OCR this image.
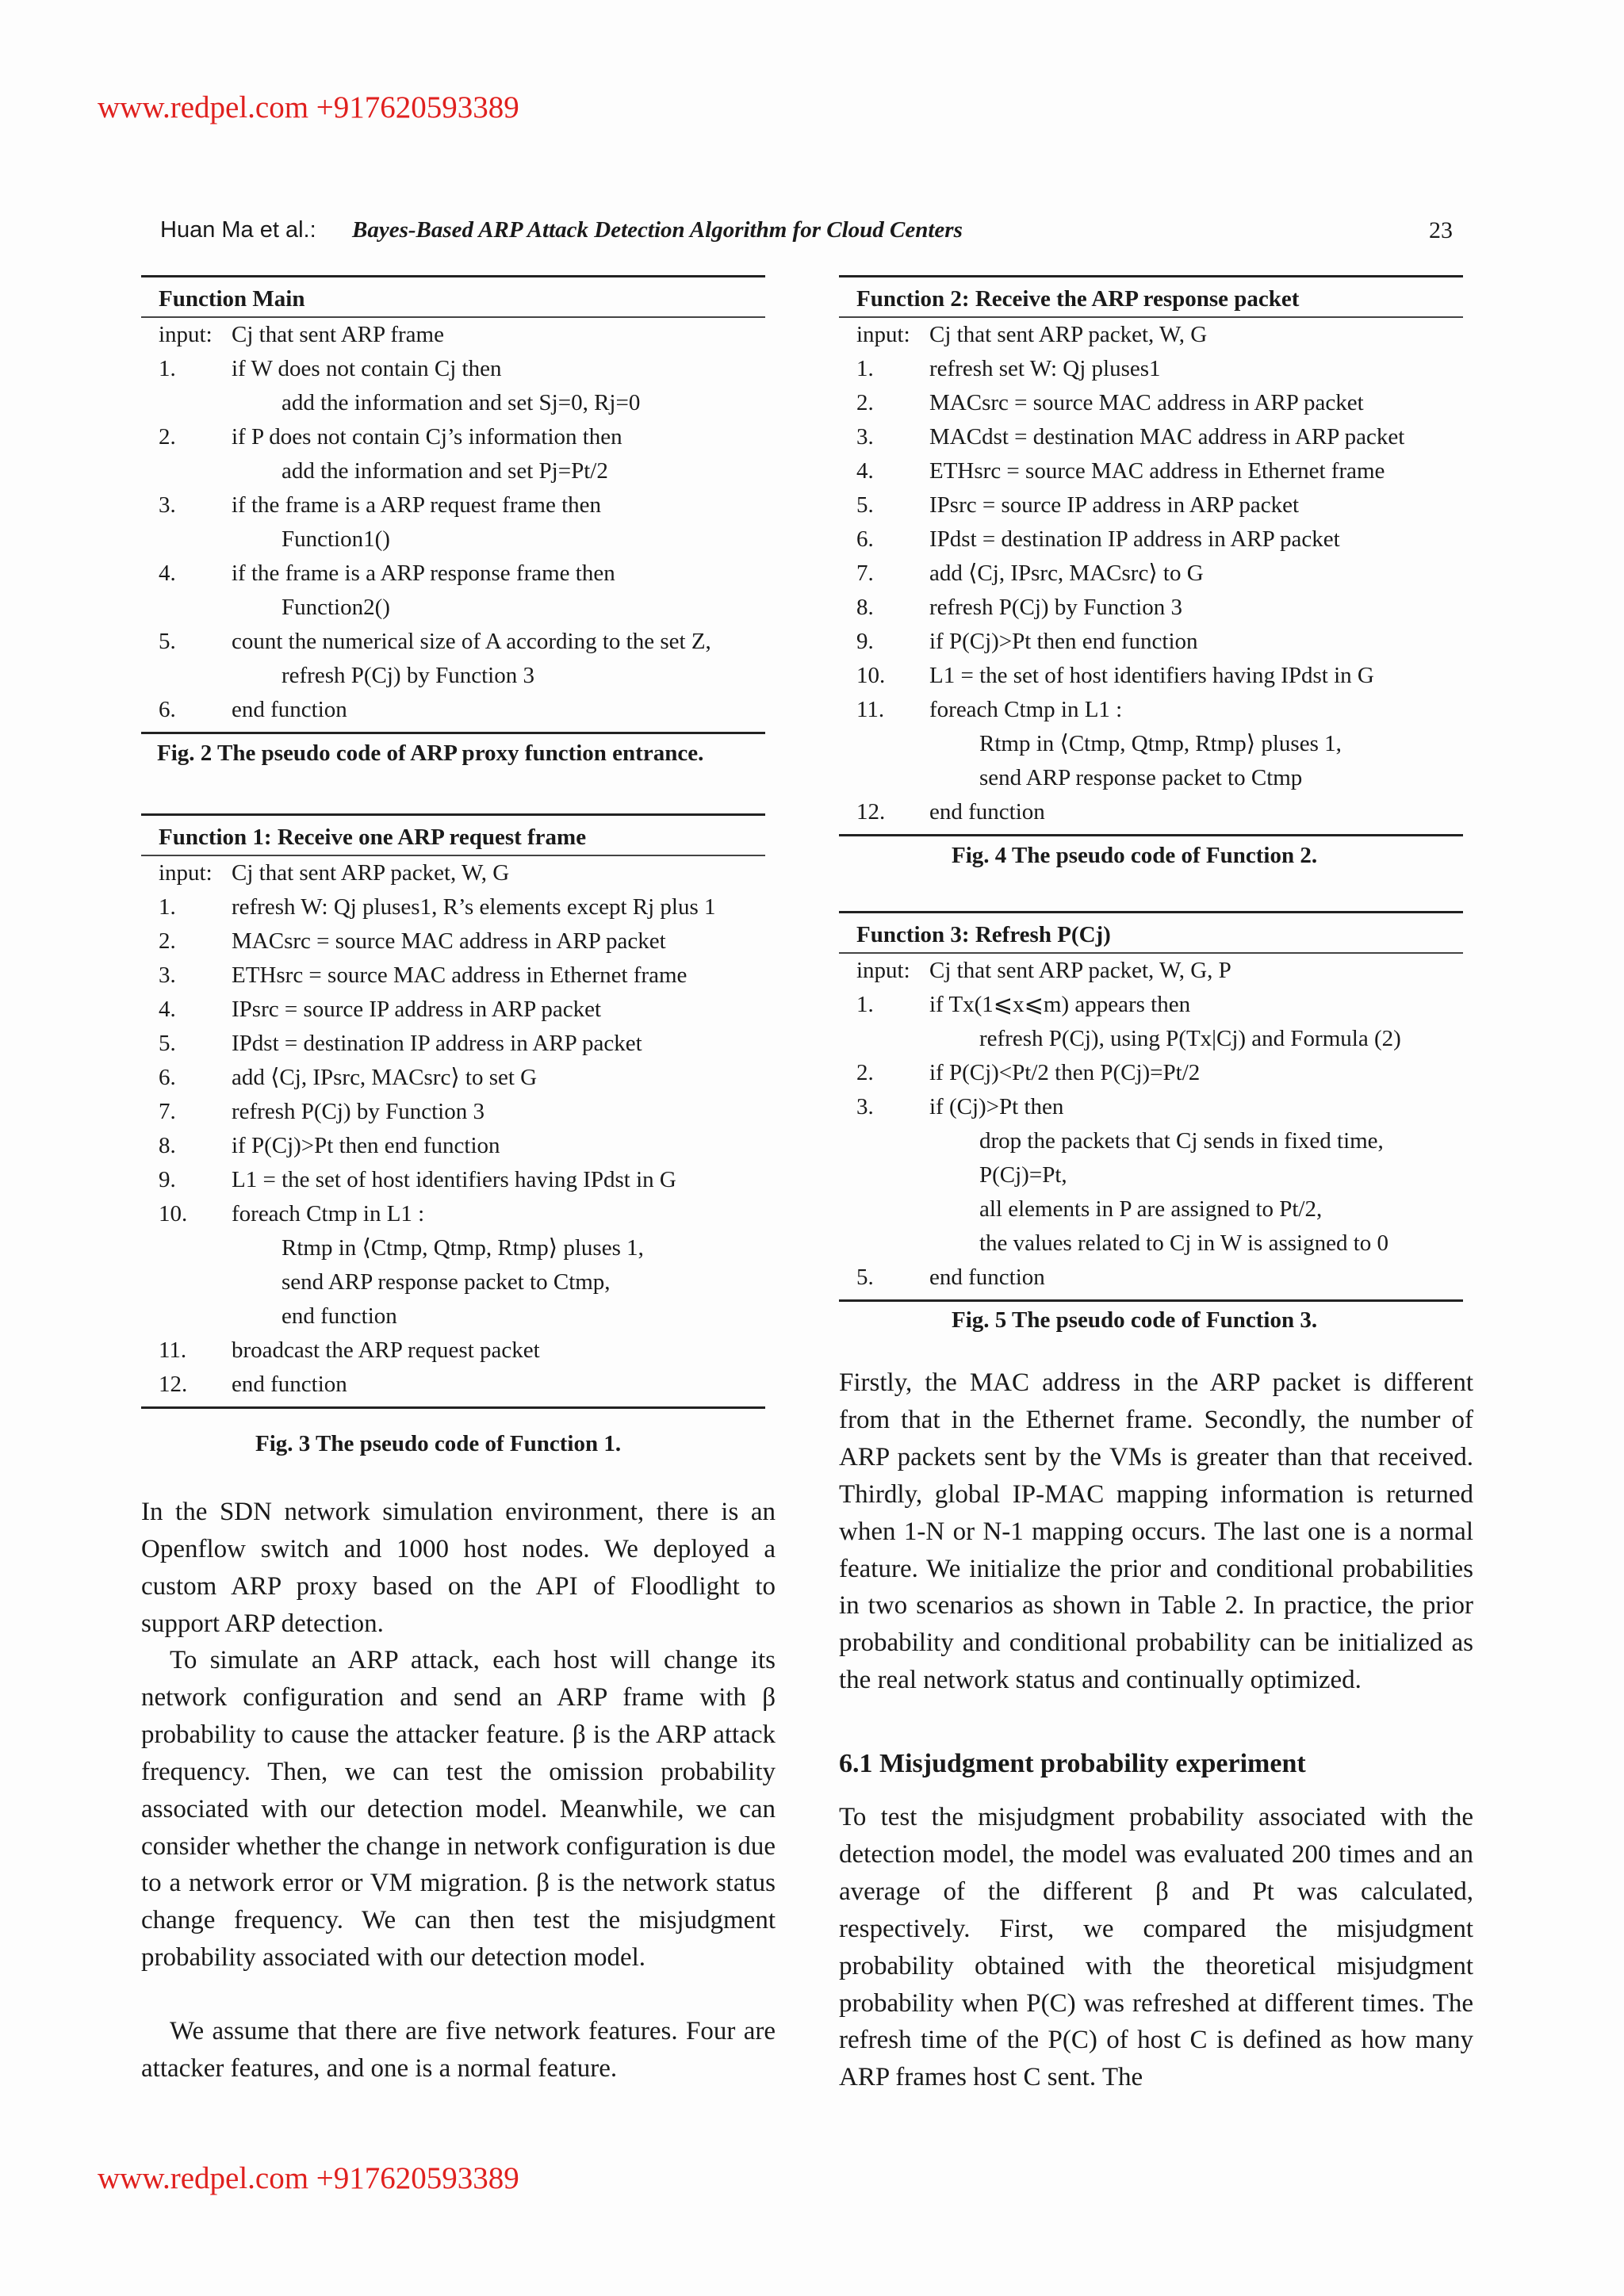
www.redpel.com +917620593389
Huan Ma et al.: Bayes-Based ARP Attack Detection Algorithm for Cloud Centers	23
Function Main
input: Cj that sent ARP frame
1. if W does not contain Cj then
add the information and set Sj=0, Rj=0
2. if P does not contain Cj’s information then
add the information and set Pj=Pt/2
3. if the frame is a ARP request frame then
Function1()
4. if the frame is a ARP response frame then
Function2()
5. count the numerical size of A according to the set Z,
refresh P(Cj) by Function 3
6. end function
Fig. 2 The pseudo code of ARP proxy function entrance.
Function 1: Receive one ARP request frame
input: Cj that sent ARP packet, W, G
1. refresh W: Qj pluses1, R’s elements except Rj plus 1
2. MACsrc = source MAC address in ARP packet
3. ETHsrc = source MAC address in Ethernet frame
4. IPsrc = source IP address in ARP packet
5. IPdst = destination IP address in ARP packet
6. add ⟨Cj, IPsrc, MACsrc⟩ to set G
7. refresh P(Cj) by Function 3
8. if P(Cj)>Pt then end function
9. L1 = the set of host identifiers having IPdst in G
10. foreach Ctmp in L1 :
Rtmp in ⟨Ctmp, Qtmp, Rtmp⟩ pluses 1,
send ARP response packet to Ctmp,
end function
11. broadcast the ARP request packet
12. end function
Fig. 3 The pseudo code of Function 1.
Function 2: Receive the ARP response packet
input: Cj that sent ARP packet, W, G
1. refresh set W: Qj pluses1
2. MACsrc = source MAC address in ARP packet
3. MACdst = destination MAC address in ARP packet
4. ETHsrc = source MAC address in Ethernet frame
5. IPsrc = source IP address in ARP packet
6. IPdst = destination IP address in ARP packet
7. add ⟨Cj, IPsrc, MACsrc⟩ to G
8. refresh P(Cj) by Function 3
9. if P(Cj)>Pt then end function
10. L1 = the set of host identifiers having IPdst in G
11. foreach Ctmp in L1 :
Rtmp in ⟨Ctmp, Qtmp, Rtmp⟩ pluses 1,
send ARP response packet to Ctmp
12. end function
Fig. 4 The pseudo code of Function 2.
Function 3: Refresh P(Cj)
input: Cj that sent ARP packet, W, G, P
1. if Tx(1⩽x⩽m) appears then
refresh P(Cj), using P(Tx|Cj) and Formula (2)
2. if P(Cj)<Pt/2 then P(Cj)=Pt/2
3. if (Cj)>Pt then
drop the packets that Cj sends in fixed time,
P(Cj)=Pt,
all elements in P are assigned to Pt/2,
the values related to Cj in W is assigned to 0
5. end function
Fig. 5 The pseudo code of Function 3.

In the SDN network simulation environment, there is an Openflow switch and 1000 host nodes. We deployed a custom ARP proxy based on the API of Floodlight to support ARP detection.

To simulate an ARP attack, each host will change its network configuration and send an ARP frame with β probability to cause the attacker feature. β is the ARP attack frequency. Then, we can test the omission probability associated with our detection model. Meanwhile, we can consider whether the change in network configuration is due to a network error or VM migration. β is the network status change frequency. We can then test the misjudgment probability associated with our detection model.

We assume that there are five network features. Four are attacker features, and one is a normal feature.

Firstly, the MAC address in the ARP packet is different from that in the Ethernet frame. Secondly, the number of ARP packets sent by the VMs is greater than that received. Thirdly, global IP-MAC mapping information is returned when 1-N or N-1 mapping occurs. The last one is a normal feature. We initialize the prior and conditional probabilities in two scenarios as shown in Table 2. In practice, the prior probability and conditional probability can be initialized as the real network status and continually optimized.

6.1 Misjudgment probability experiment

To test the misjudgment probability associated with the detection model, the model was evaluated 200 times and an average of the different β and Pt was calculated, respectively. First, we compared the misjudgment probability obtained with the theoretical misjudgment probability when P(C) was refreshed at different times. The refresh time of the P(C) of host C is defined as how many ARP frames host C sent. The

www.redpel.com +917620593389
